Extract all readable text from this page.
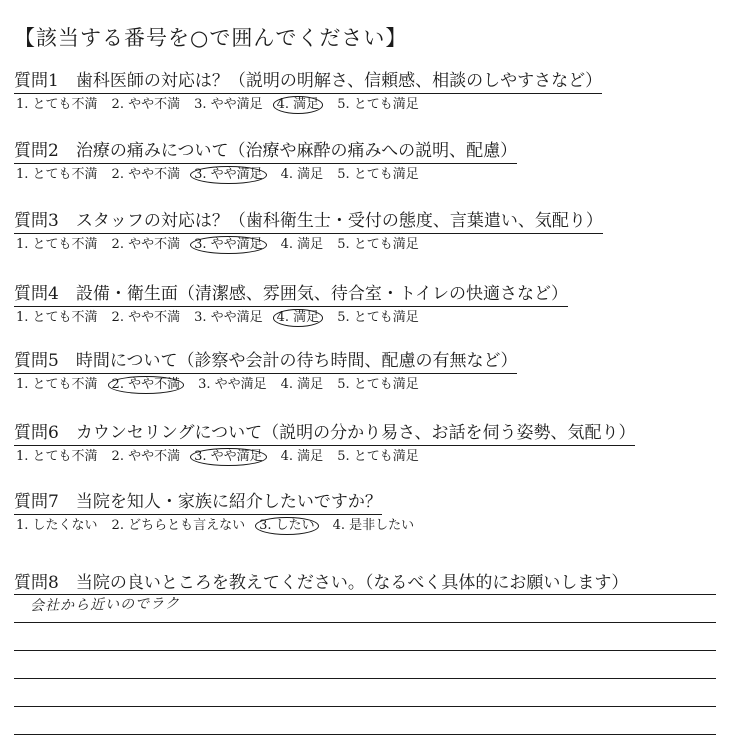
【該当する番号を○で囲んでください】
質問1　歯科医師の対応は？（説明の明解さ、信頼感、相談のしやすさなど）
1. とても不満 2. やや不満 3. やや満足 4. 満足 5. とても満足
質問2　治療の痛みについて（治療や麻酔の痛みへの説明、配慮）
1. とても不満 2. やや不満 3. やや満足 4. 満足 5. とても満足
質問3　スタッフの対応は？（歯科衛生士・受付の態度、言葉遣い、気配り）
1. とても不満 2. やや不満 3. やや満足 4. 満足 5. とても満足
質問4　設備・衛生面（清潔感、雰囲気、待合室・トイレの快適さなど）
1. とても不満 2. やや不満 3. やや満足 4. 満足 5. とても満足
質問5　時間について（診察や会計の待ち時間、配慮の有無など）
1. とても不満 2. やや不満 3. やや満足 4. 満足 5. とても満足
質問6　カウンセリングについて（説明の分かり易さ、お話を伺う姿勢、気配り）
1. とても不満 2. やや不満 3. やや満足 4. 満足 5. とても満足
質問7　当院を知人・家族に紹介したいですか？
1. したくない 2. どちらとも言えない 3. したい 4. 是非したい
質問8　当院の良いところを教えてください。（なるべく具体的にお願いします）
会社から近いのでラク
